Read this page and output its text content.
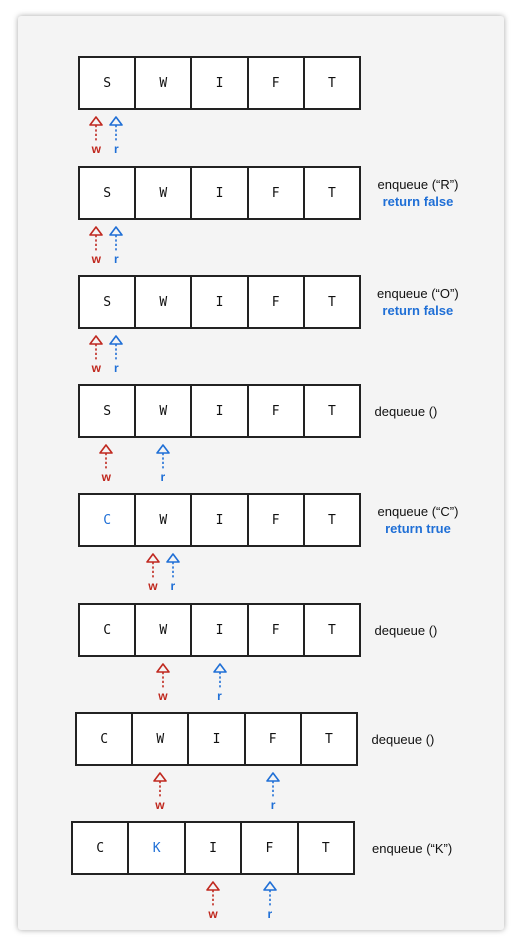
S	W	I	F	T
w r
S	W	I	F	T
w r
enqueue (“R”)
return false
S	W	I	F	T
w r
enqueue (“O”)
return false
S	W	I	F	T
w	r
dequeue ()
C	W	I	F	T
w r
enqueue (“C”)
return true
C	W	I	F	T
w	r
dequeue ()
C	W	I	F	T
w	r
dequeue ()
C	K	I	F	T
w	r
enqueue (“K”)
